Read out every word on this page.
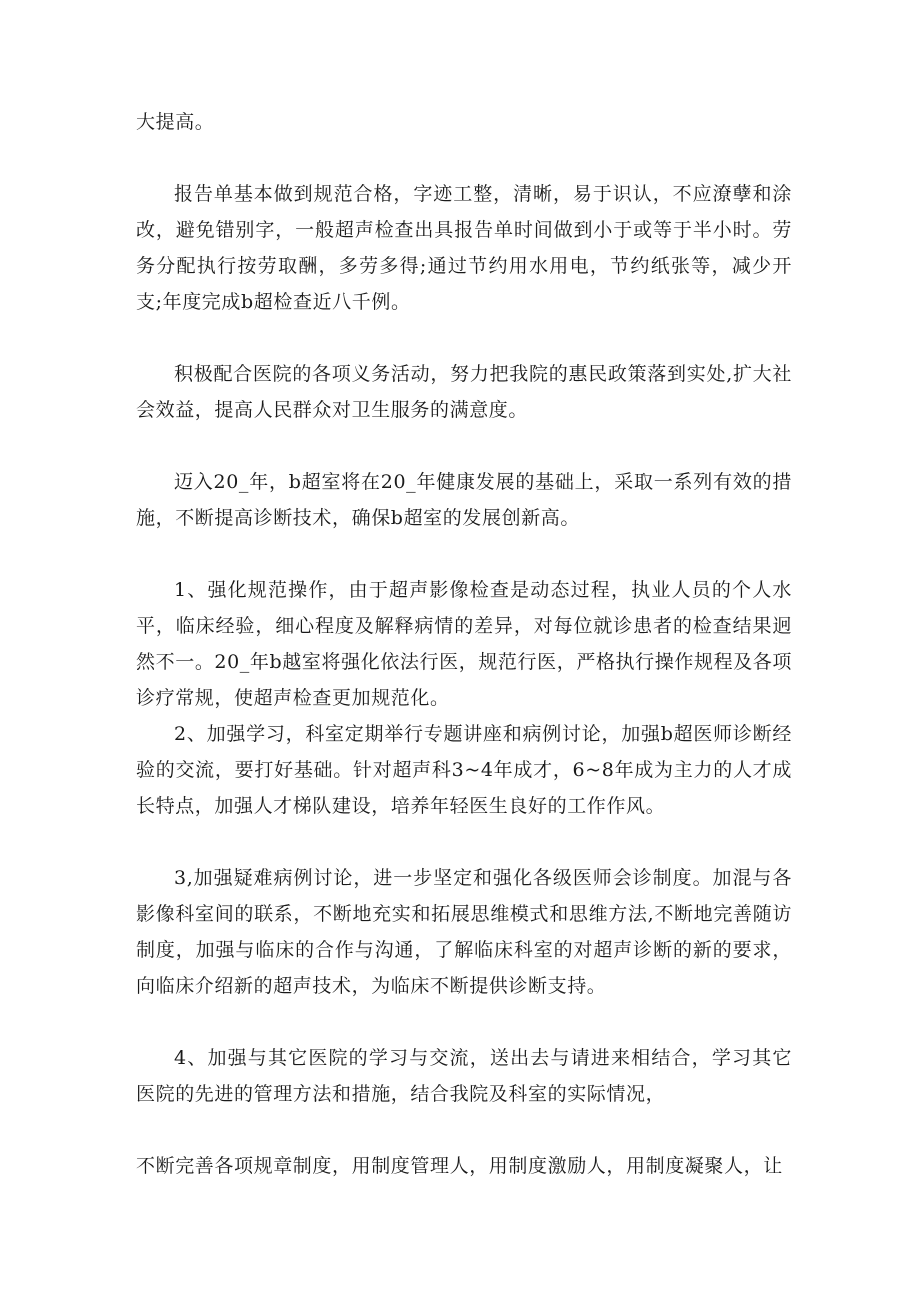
大提高。

报告单基本做到规范合格，字迹工整，清晰，易于识认，不应潦孽和涂改，避免错别字，一般超声检查出具报告单时间做到小于或等于半小时。劳务分配执行按劳取酬，多劳多得;通过节约用水用电，节约纸张等，减少开支;年度完成b超检查近八千例。

积极配合医院的各项义务活动，努力把我院的惠民政策落到实处,扩大社会效益，提高人民群众对卫生服务的满意度。

迈入20_年，b超室将在20_年健康发展的基础上，采取一系列有效的措施，不断提高诊断技术，确保b超室的发展创新高。

1、强化规范操作，由于超声影像检查是动态过程，执业人员的个人水平，临床经验，细心程度及解释病情的差异，对每位就诊患者的检查结果迥然不一。20_年b越室将强化依法行医，规范行医，严格执行操作规程及各项诊疗常规，使超声检查更加规范化。

2、加强学习，科室定期举行专题讲座和病例讨论，加强b超医师诊断经验的交流，要打好基础。针对超声科3~4年成才，6~8年成为主力的人才成长特点，加强人才梯队建设，培养年轻医生良好的工作作风。

3,加强疑难病例讨论，进一步坚定和强化各级医师会诊制度。加混与各影像科室间的联系，不断地充实和拓展思维模式和思维方法,不断地完善随访制度，加强与临床的合作与沟通，了解临床科室的对超声诊断的新的要求，向临床介绍新的超声技术，为临床不断提供诊断支持。

4、加强与其它医院的学习与交流，送出去与请进来相结合，学习其它医院的先进的管理方法和措施，结合我院及科室的实际情况，

不断完善各项规章制度，用制度管理人，用制度激励人，用制度凝聚人，让
